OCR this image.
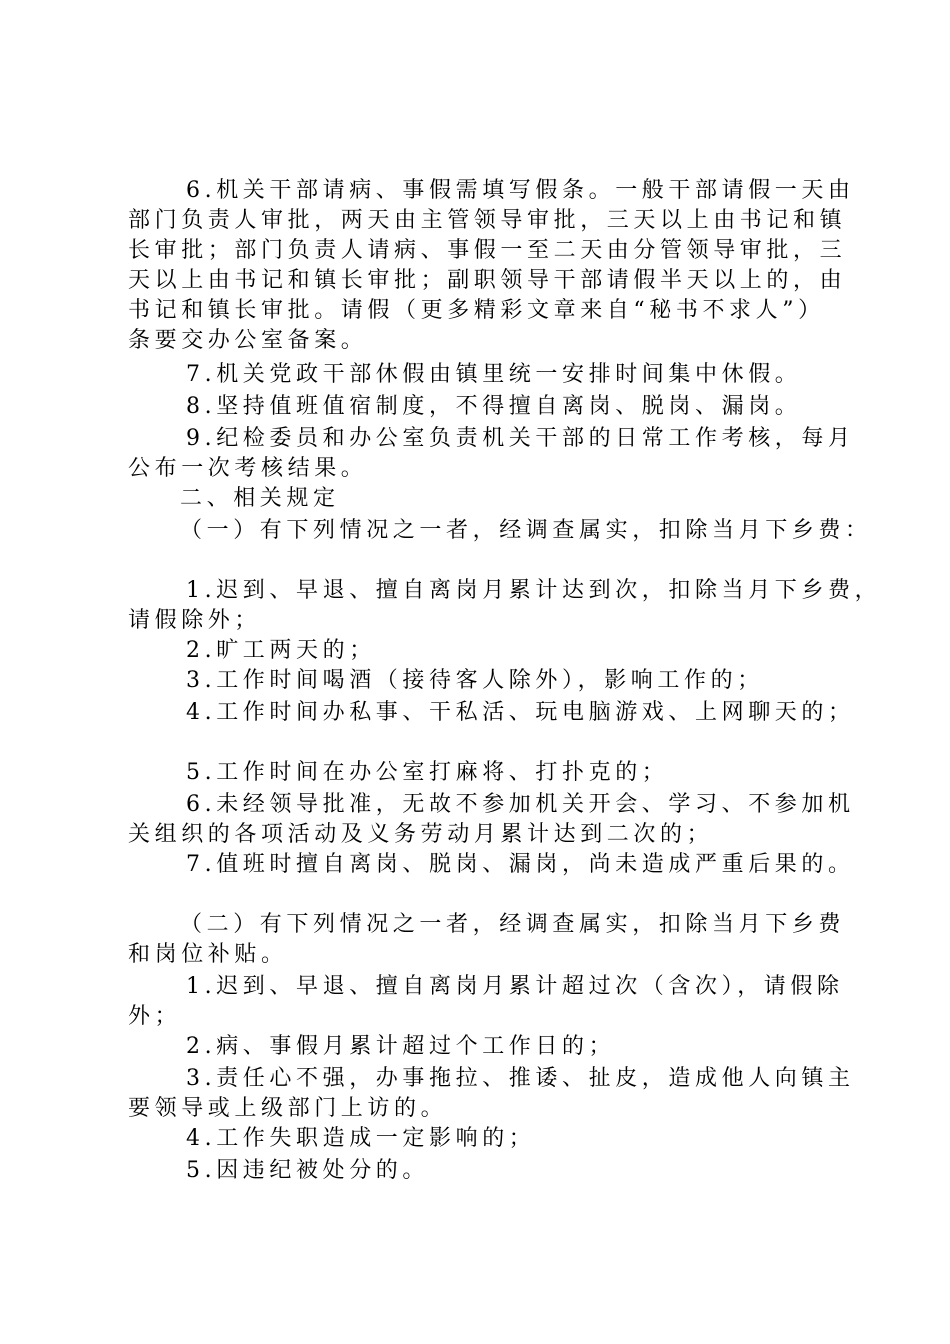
6.机关干部请病、事假需填写假条。一般干部请假一天由
部门负责人审批，两天由主管领导审批，三天以上由书记和镇
长审批；部门负责人请病、事假一至二天由分管领导审批，三
天以上由书记和镇长审批；副职领导干部请假半天以上的，由
书记和镇长审批。请假（更多精彩文章来自“秘书不求人”）
条要交办公室备案。
7.机关党政干部休假由镇里统一安排时间集中休假。
8.坚持值班值宿制度，不得擅自离岗、脱岗、漏岗。
9.纪检委员和办公室负责机关干部的日常工作考核，每月
公布一次考核结果。
二、相关规定
（一）有下列情况之一者，经调查属实，扣除当月下乡费：
1.迟到、早退、擅自离岗月累计达到次，扣除当月下乡费，
请假除外；
2.旷工两天的；
3.工作时间喝酒（接待客人除外），影响工作的；
4.工作时间办私事、干私活、玩电脑游戏、上网聊天的；
5.工作时间在办公室打麻将、打扑克的；
6.未经领导批准，无故不参加机关开会、学习、不参加机
关组织的各项活动及义务劳动月累计达到二次的；
7.值班时擅自离岗、脱岗、漏岗，尚未造成严重后果的。
（二）有下列情况之一者，经调查属实，扣除当月下乡费
和岗位补贴。
1.迟到、早退、擅自离岗月累计超过次（含次），请假除
外；
2.病、事假月累计超过个工作日的；
3.责任心不强，办事拖拉、推诿、扯皮，造成他人向镇主
要领导或上级部门上访的。
4.工作失职造成一定影响的；
5.因违纪被处分的。
